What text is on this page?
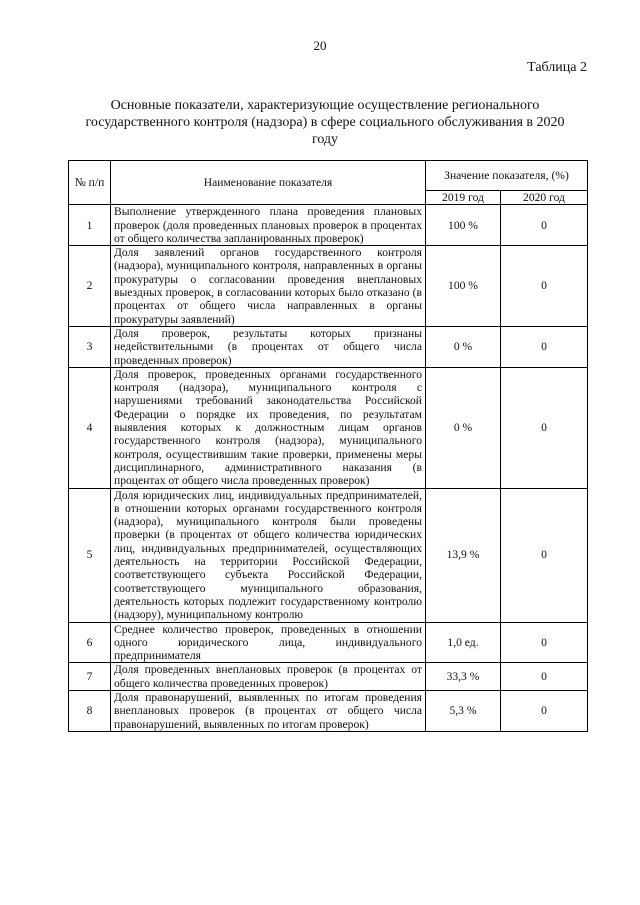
20
Таблица 2
Основные показатели, характеризующие осуществление регионального государственного контроля (надзора) в сфере социального обслуживания в 2020 году
№ п/п	Наименование показателя	Значение показателя, (%)	
		2019 год	2020 год
1	Выполнение утвержденного плана проведения плановых проверок (доля проведенных плановых проверок в процентах от общего количества запланированных проверок)	100 %	0
2	Доля заявлений органов государственного контроля (надзора), муниципального контроля, направленных в органы прокуратуры о согласовании проведения внеплановых выездных проверок, в согласовании которых было отказано (в процентах от общего числа направленных в органы прокуратуры заявлений)	100 %	0
3	Доля проверок, результаты которых признаны недействительными (в процентах от общего числа проведенных проверок)	0 %	0
4	Доля проверок, проведенных органами государственного контроля (надзора), муниципального контроля с нарушениями требований законодательства Российской Федерации о порядке их проведения, по результатам выявления которых к должностным лицам органов государственного контроля (надзора), муниципального контроля, осуществившим такие проверки, применены меры дисциплинарного, административного наказания (в процентах от общего числа проведенных проверок)	0 %	0
5	Доля юридических лиц, индивидуальных предпринимателей, в отношении которых органами государственного контроля (надзора), муниципального контроля были проведены проверки (в процентах от общего количества юридических лиц, индивидуальных предпринимателей, осуществляющих деятельность на территории Российской Федерации, соответствующего субъекта Российской Федерации, соответствующего муниципального образования, деятельность которых подлежит государственному контролю (надзору), муниципальному контролю	13,9 %	0
6	Среднее количество проверок, проведенных в отношении одного юридического лица, индивидуального предпринимателя	1,0 ед.	0
7	Доля проведенных внеплановых проверок (в процентах от общего количества проведенных проверок)	33,3 %	0
8	Доля правонарушений, выявленных по итогам проведения внеплановых проверок (в процентах от общего числа правонарушений, выявленных по итогам проверок)	5,3 %	0
